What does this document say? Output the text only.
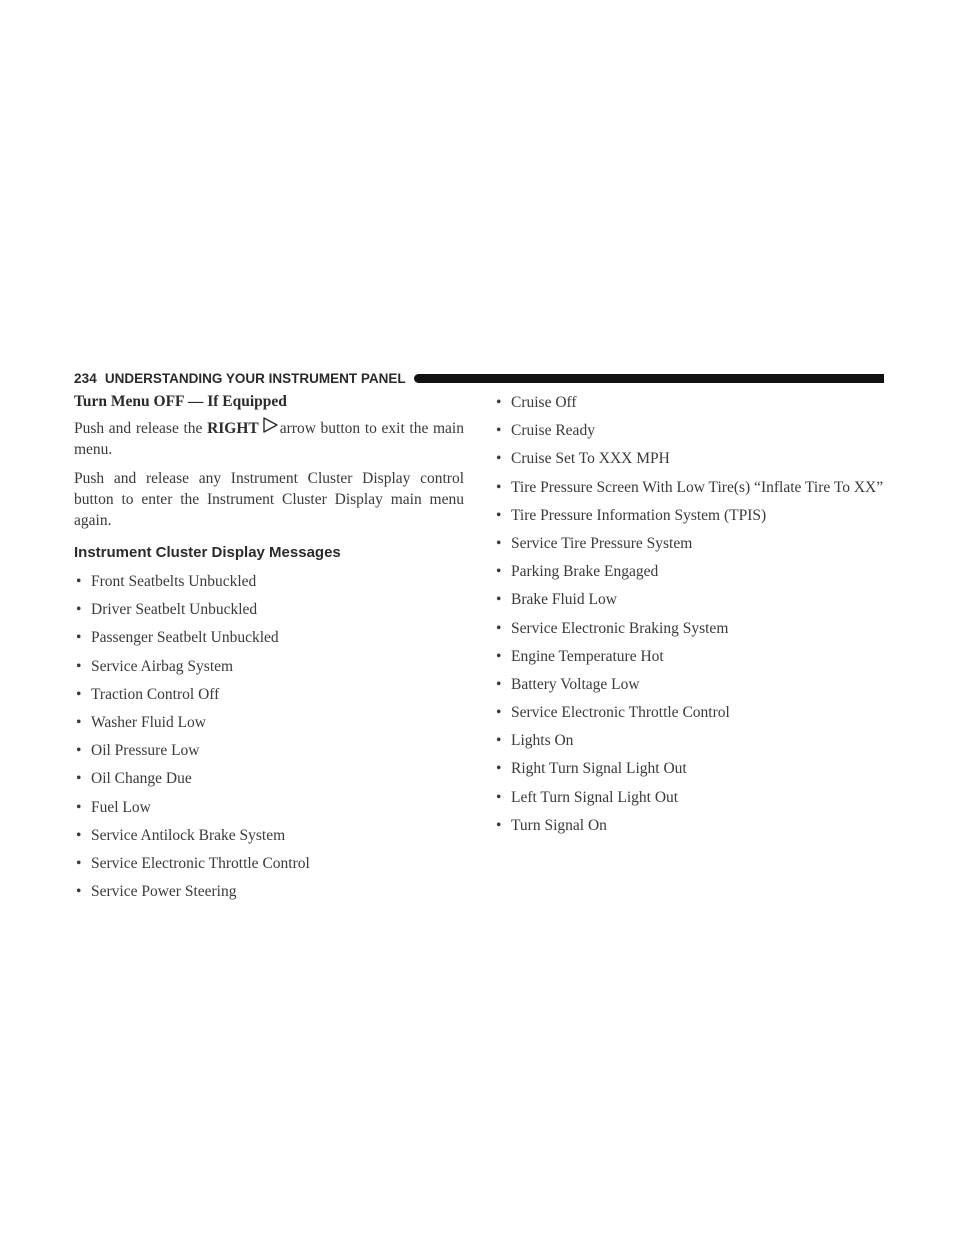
234 UNDERSTANDING YOUR INSTRUMENT PANEL
Turn Menu OFF — If Equipped

Push and release the RIGHT arrow button to exit the main menu.

Push and release any Instrument Cluster Display control button to enter the Instrument Cluster Display main menu again.

Instrument Cluster Display Messages
• Front Seatbelts Unbuckled
• Driver Seatbelt Unbuckled
• Passenger Seatbelt Unbuckled
• Service Airbag System
• Traction Control Off
• Washer Fluid Low
• Oil Pressure Low
• Oil Change Due
• Fuel Low
• Service Antilock Brake System
• Service Electronic Throttle Control
• Service Power Steering
• Cruise Off
• Cruise Ready
• Cruise Set To XXX MPH
• Tire Pressure Screen With Low Tire(s) “Inflate Tire To XX”
• Tire Pressure Information System (TPIS)
• Service Tire Pressure System
• Parking Brake Engaged
• Brake Fluid Low
• Service Electronic Braking System
• Engine Temperature Hot
• Battery Voltage Low
• Service Electronic Throttle Control
• Lights On
• Right Turn Signal Light Out
• Left Turn Signal Light Out
• Turn Signal On
